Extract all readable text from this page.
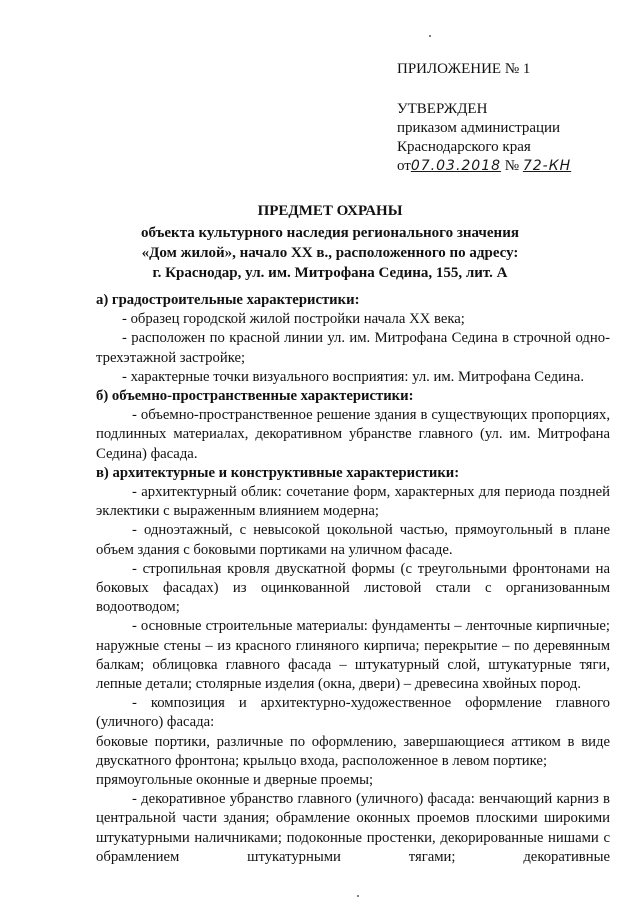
ПРИЛОЖЕНИЕ № 1
УТВЕРЖДЕН
приказом администрации
Краснодарского края
от07.03.2018 № 72-КН
ПРЕДМЕТ ОХРАНЫ
объекта культурного наследия регионального значения
«Дом жилой», начало XX в., расположенного по адресу:
г. Краснодар, ул. им. Митрофана Седина, 155, лит. А

а) градостроительные характеристики:

- образец городской жилой постройки начала XX века;

- расположен по красной линии ул. им. Митрофана Седина в строчной одно-трехэтажной застройке;

- характерные точки визуального восприятия: ул. им. Митрофана Седина.

б) объемно-пространственные характеристики:

- объемно-пространственное решение здания в существующих пропорциях, подлинных материалах, декоративном убранстве главного (ул. им. Митрофана Седина) фасада.

в) архитектурные и конструктивные характеристики:

- архитектурный облик: сочетание форм, характерных для периода поздней эклектики с выраженным влиянием модерна;

- одноэтажный, с невысокой цокольной частью, прямоугольный в плане объем здания с боковыми портиками на уличном фасаде.

- стропильная кровля двускатной формы (с треугольными фронтонами на боковых фасадах) из оцинкованной листовой стали с организованным водоотводом;

- основные строительные материалы: фундаменты – ленточные кирпичные; наружные стены – из красного глиняного кирпича; перекрытие – по деревянным балкам; облицовка главного фасада – штукатурный слой, штукатурные тяги, лепные детали; столярные изделия (окна, двери) – древесина хвойных пород.

- композиция и архитектурно-художественное оформление главного (уличного) фасада:

боковые портики, различные по оформлению, завершающиеся аттиком в виде двускатного фронтона; крыльцо входа, расположенное в левом портике;

прямоугольные оконные и дверные проемы;

- декоративное убранство главного (уличного) фасада: венчающий карниз в центральной части здания; обрамление оконных проемов плоскими широкими штукатурными наличниками; подоконные простенки, декорированные нишами с обрамлением штукатурными тягами; декоративные
